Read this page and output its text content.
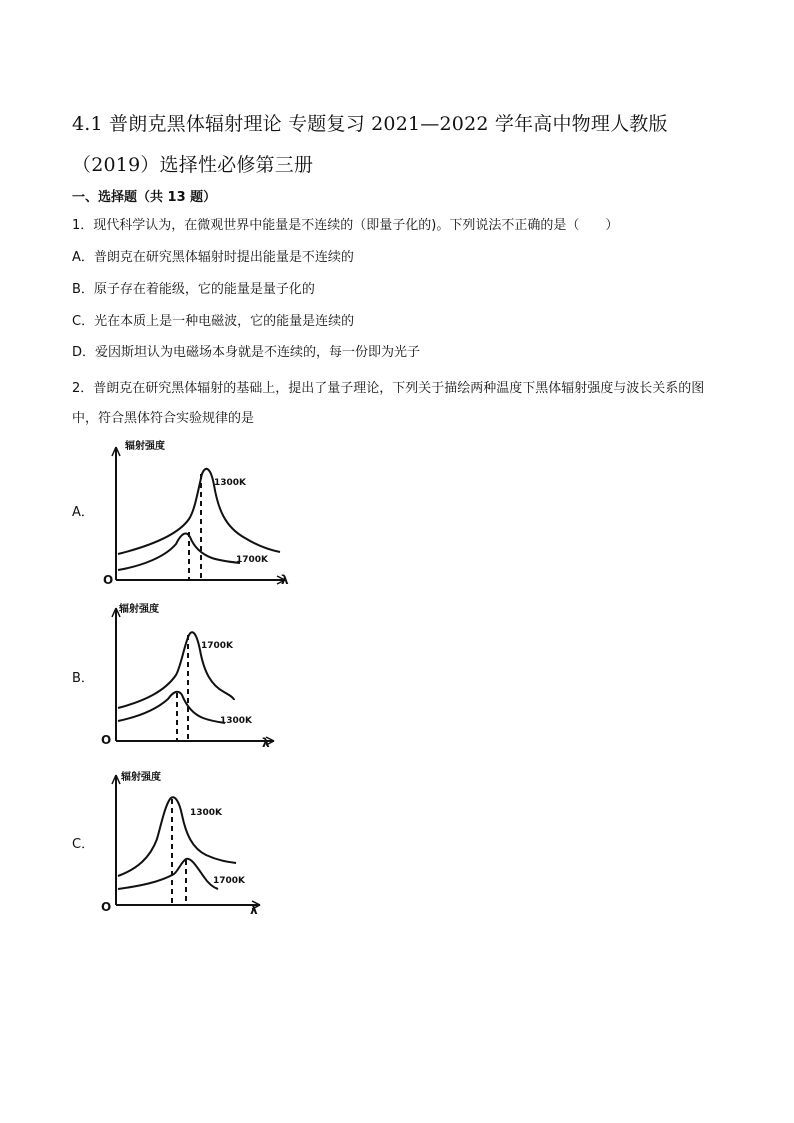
4.1 普朗克黑体辐射理论 专题复习 2021—2022 学年高中物理人教版（2019）选择性必修第三册
一、选择题（共 13 题）
1．现代科学认为，在微观世界中能量是不连续的（即量子化的)。下列说法不正确的是（　　）
A．普朗克在研究黑体辐射时提出能量是不连续的
B．原子存在着能级，它的能量是量子化的
C．光在本质上是一种电磁波，它的能量是连续的
D．爱因斯坦认为电磁场本身就是不连续的，每一份即为光子
2．普朗克在研究黑体辐射的基础上，提出了量子理论，下列关于描绘两种温度下黑体辐射强度与波长关系的图中，符合黑体符合实验规律的是
A．
辐射强度
1300K
1700K
O	λ
B．
辐射强度
1700K
1300K
O	λ
C．
辐射强度
1300K
1700K
O	λ
